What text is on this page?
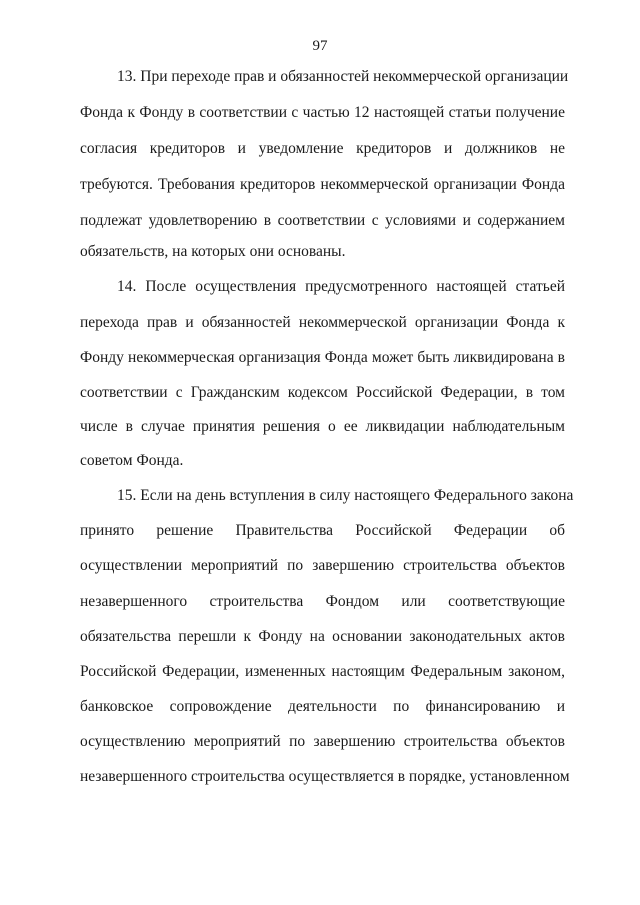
97
13. При переходе прав и обязанностей некоммерческой организации
Фонда к Фонду в соответствии с частью 12 настоящей статьи получение
согласия кредиторов и уведомление кредиторов и должников не
требуются. Требования кредиторов некоммерческой организации Фонда
подлежат удовлетворению в соответствии с условиями и содержанием
обязательств, на которых они основаны.
14. После осуществления предусмотренного настоящей статьей
перехода прав и обязанностей некоммерческой организации Фонда к
Фонду некоммерческая организация Фонда может быть ликвидирована в
соответствии с Гражданским кодексом Российской Федерации, в том
числе в случае принятия решения о ее ликвидации наблюдательным
советом Фонда.
15. Если на день вступления в силу настоящего Федерального закона
принято решение Правительства Российской Федерации об
осуществлении мероприятий по завершению строительства объектов
незавершенного строительства Фондом или соответствующие
обязательства перешли к Фонду на основании законодательных актов
Российской Федерации, измененных настоящим Федеральным законом,
банковское сопровождение деятельности по финансированию и
осуществлению мероприятий по завершению строительства объектов
незавершенного строительства осуществляется в порядке, установленном
